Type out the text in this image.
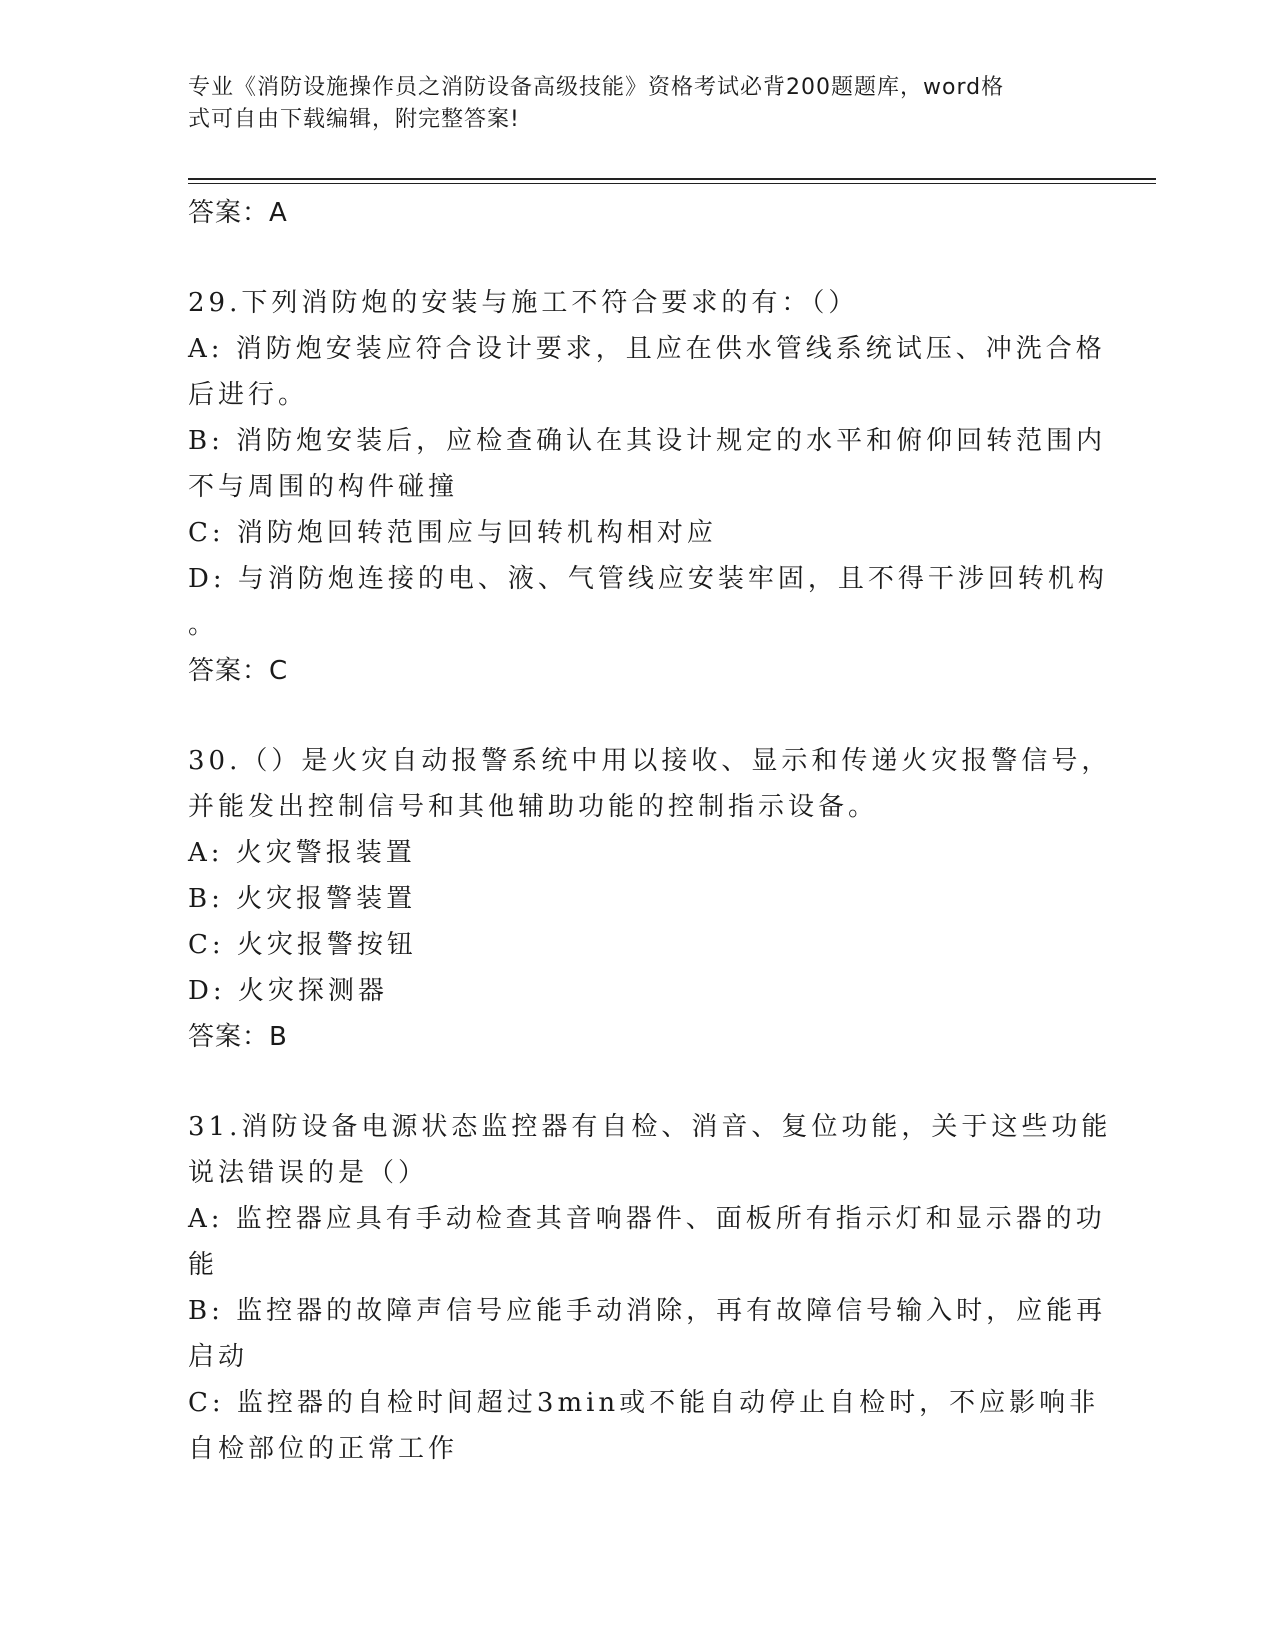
专业《消防设施操作员之消防设备高级技能》资格考试必背200题题库，word格
式可自由下载编辑，附完整答案!
答案：A
29.下列消防炮的安装与施工不符合要求的有：（）
A: 消防炮安装应符合设计要求，且应在供水管线系统试压、冲洗合格
后进行。
B: 消防炮安装后，应检查确认在其设计规定的水平和俯仰回转范围内
不与周围的构件碰撞
C: 消防炮回转范围应与回转机构相对应
D: 与消防炮连接的电、液、气管线应安装牢固，且不得干涉回转机构
。
答案：C
30.（）是火灾自动报警系统中用以接收、显示和传递火灾报警信号，
并能发出控制信号和其他辅助功能的控制指示设备。
A: 火灾警报装置
B: 火灾报警装置
C: 火灾报警按钮
D: 火灾探测器
答案：B
31.消防设备电源状态监控器有自检、消音、复位功能，关于这些功能
说法错误的是（）
A: 监控器应具有手动检查其音响器件、面板所有指示灯和显示器的功
能
B: 监控器的故障声信号应能手动消除，再有故障信号输入时，应能再
启动
C: 监控器的自检时间超过3min或不能自动停止自检时，不应影响非
自检部位的正常工作
